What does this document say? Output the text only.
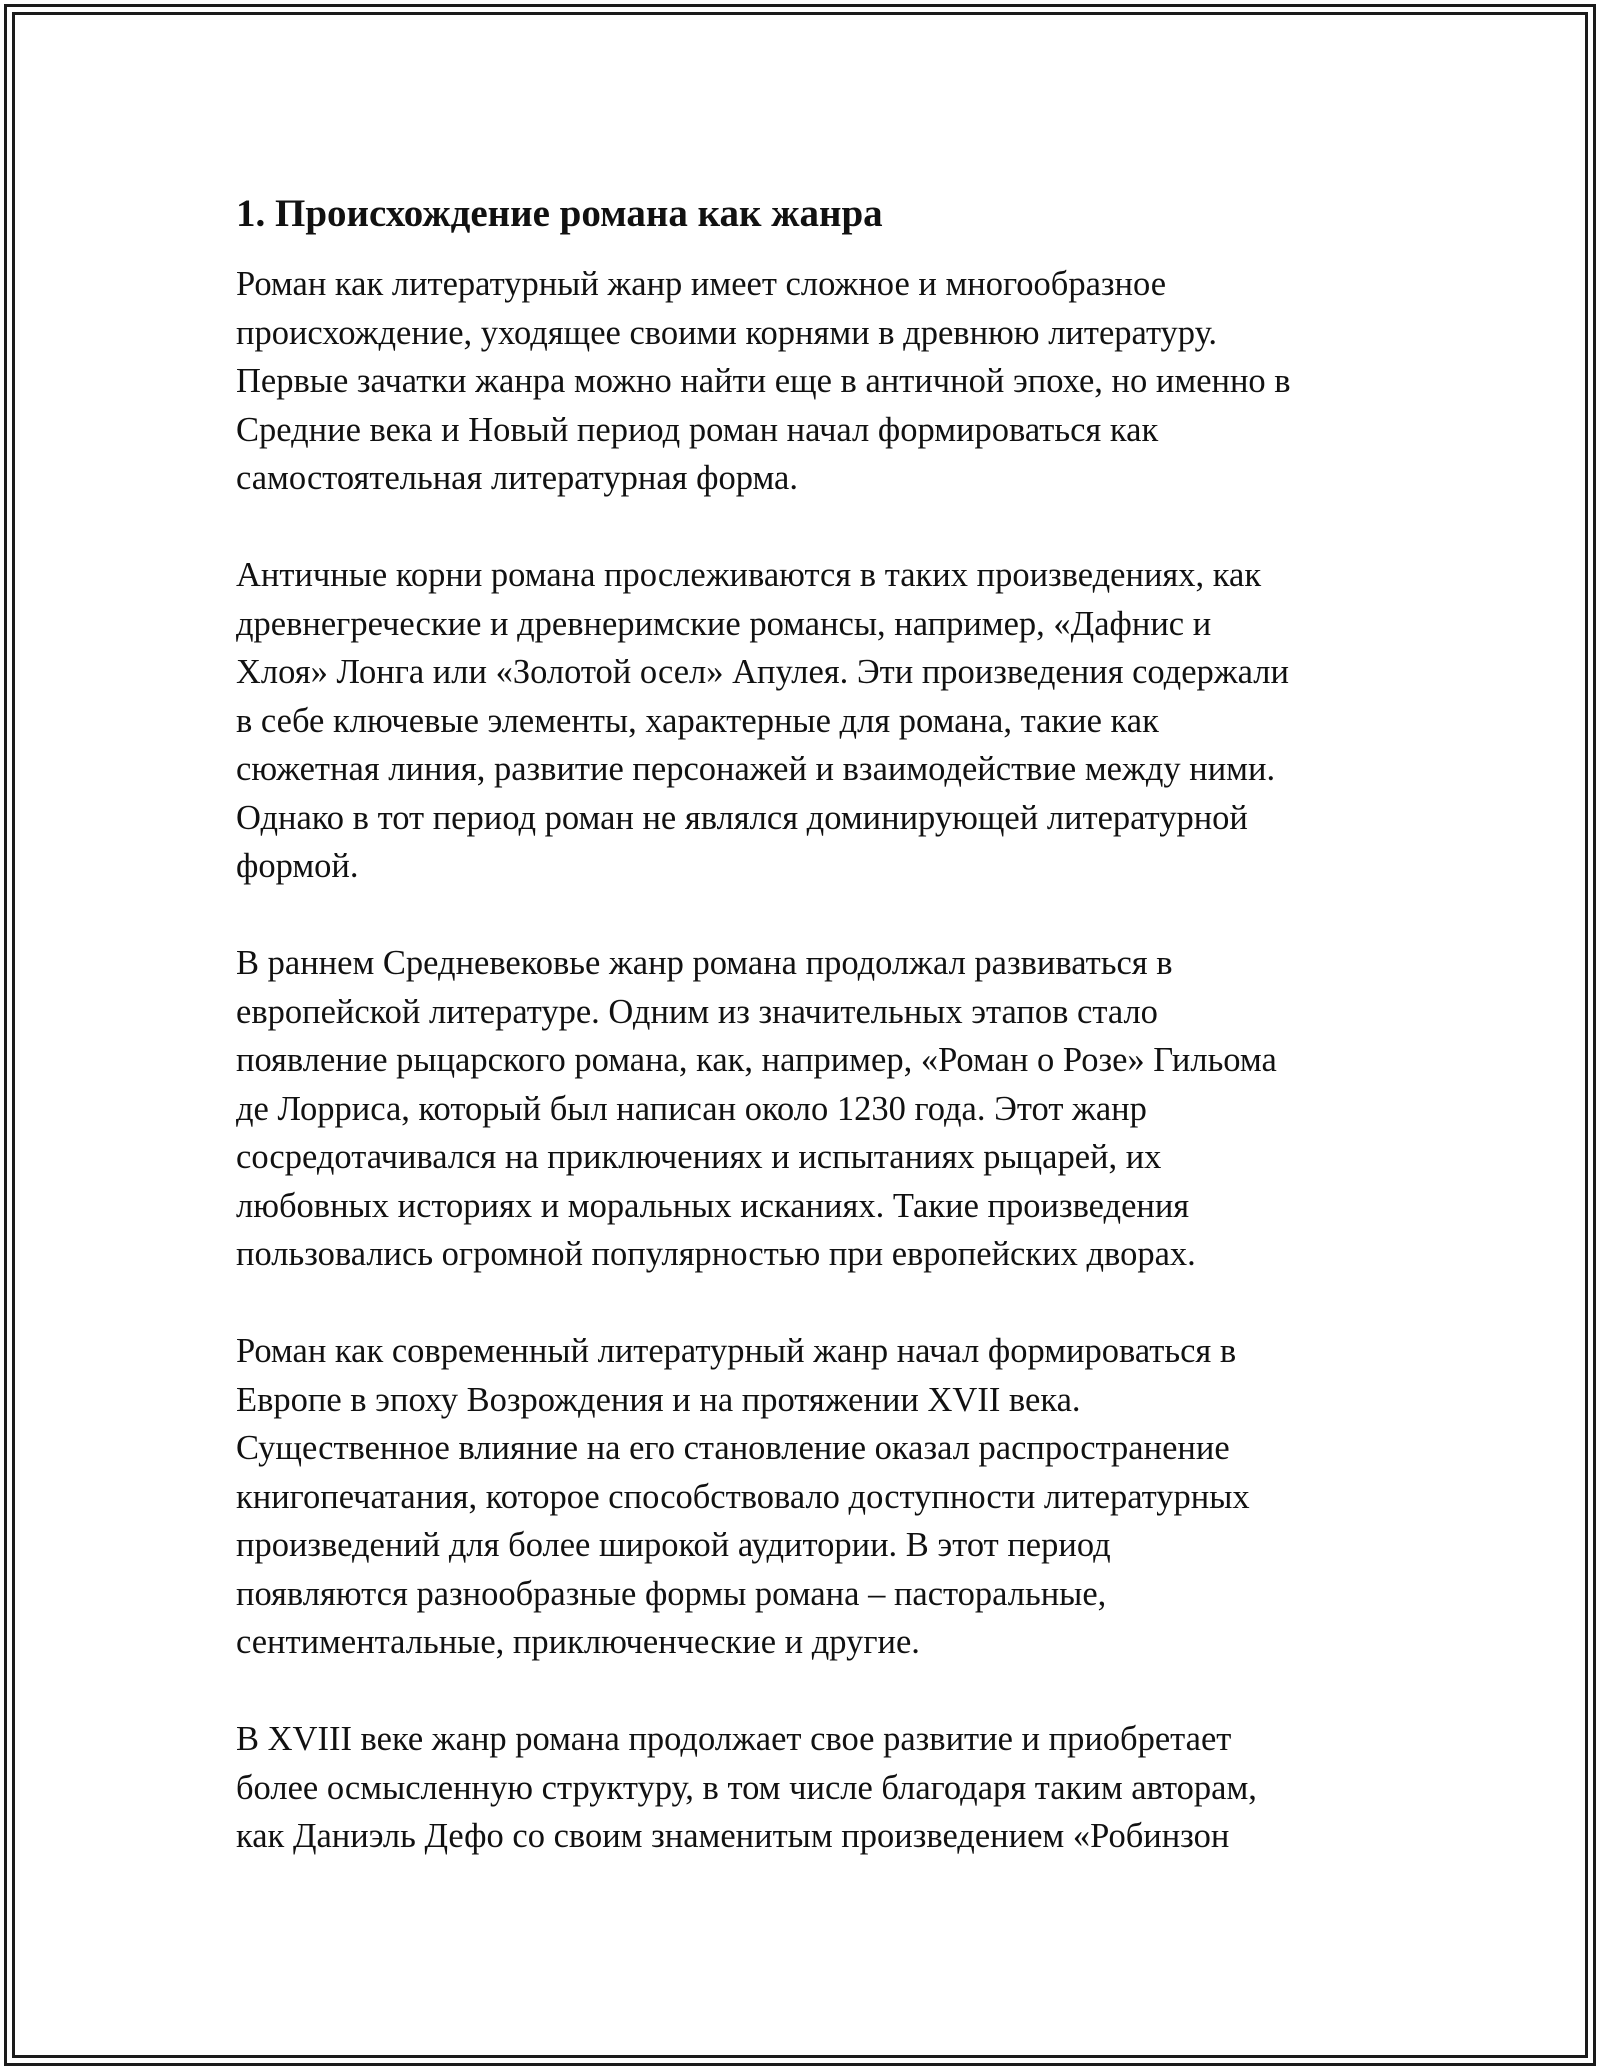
1. Происхождение романа как жанра

Роман как литературный жанр имеет сложное и многообразное
происхождение, уходящее своими корнями в древнюю литературу.
Первые зачатки жанра можно найти еще в античной эпохе, но именно в
Средние века и Новый период роман начал формироваться как
самостоятельная литературная форма.

Античные корни романа прослеживаются в таких произведениях, как
древнегреческие и древнеримские романсы, например, «Дафнис и
Хлоя» Лонга или «Золотой осел» Апулея. Эти произведения содержали
в себе ключевые элементы, характерные для романа, такие как
сюжетная линия, развитие персонажей и взаимодействие между ними.
Однако в тот период роман не являлся доминирующей литературной
формой.

В раннем Средневековье жанр романа продолжал развиваться в
европейской литературе. Одним из значительных этапов стало
появление рыцарского романа, как, например, «Роман о Розе» Гильома
де Лорриса, который был написан около 1230 года. Этот жанр
сосредотачивался на приключениях и испытаниях рыцарей, их
любовных историях и моральных исканиях. Такие произведения
пользовались огромной популярностью при европейских дворах.

Роман как современный литературный жанр начал формироваться в
Европе в эпоху Возрождения и на протяжении XVII века.
Существенное влияние на его становление оказал распространение
книгопечатания, которое способствовало доступности литературных
произведений для более широкой аудитории. В этот период
появляются разнообразные формы романа – пасторальные,
сентиментальные, приключенческие и другие.

В XVIII веке жанр романа продолжает свое развитие и приобретает
более осмысленную структуру, в том числе благодаря таким авторам,
как Даниэль Дефо со своим знаменитым произведением «Робинзон
